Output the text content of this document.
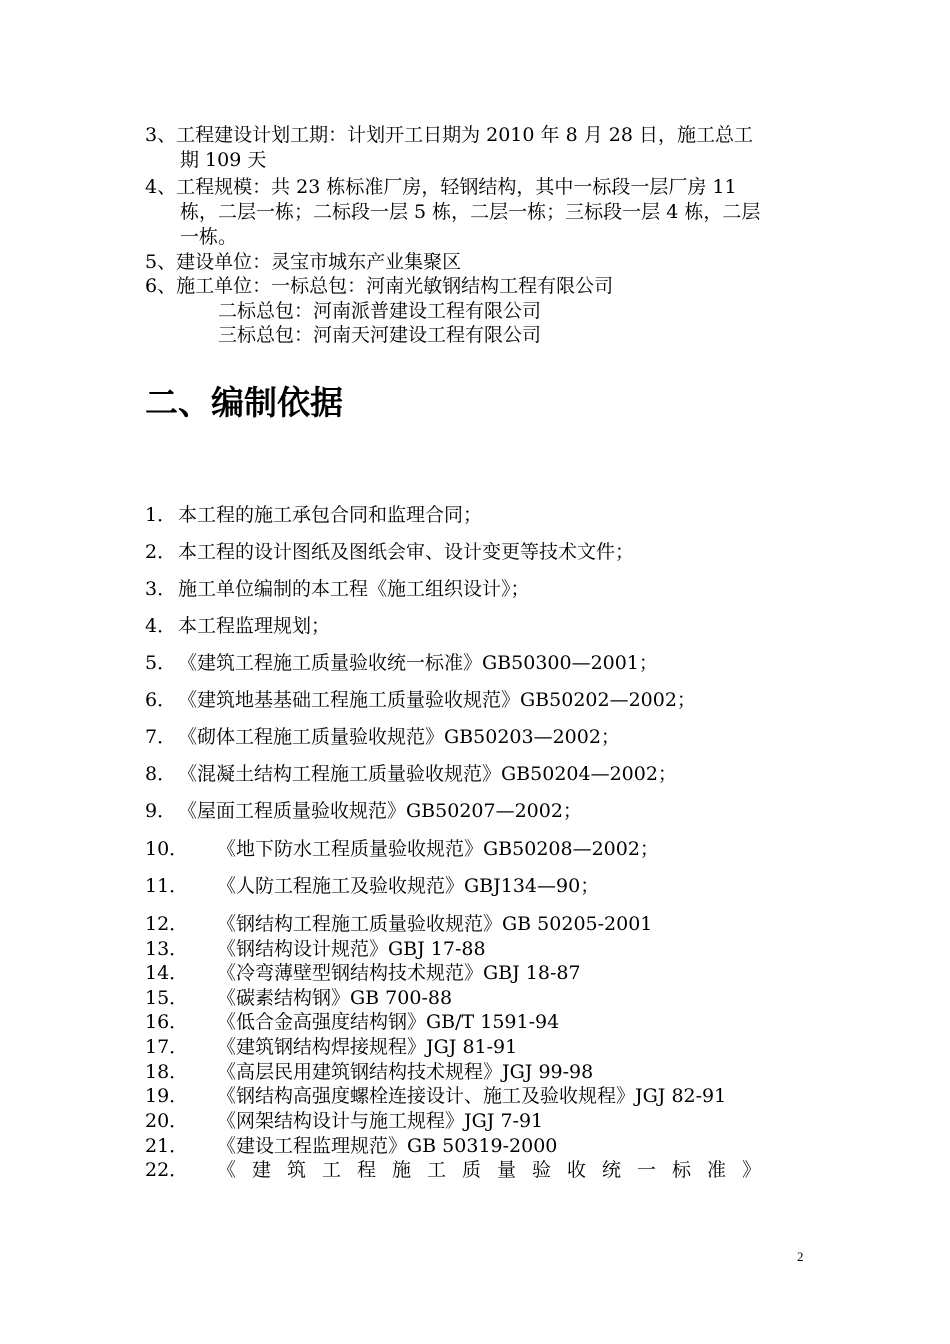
3、工程建设计划工期：计划开工日期为 2010 年 8 月 28 日，施工总工
期 109 天
4、工程规模：共 23 栋标准厂房，轻钢结构，其中一标段一层厂房 11
栋，二层一栋；二标段一层 5 栋，二层一栋；三标段一层 4 栋，二层
一栋。
5、建设单位：灵宝市城东产业集聚区
6、施工单位：一标总包：河南光敏钢结构工程有限公司
二标总包：河南派普建设工程有限公司
三标总包：河南天河建设工程有限公司
二、编制依据
1． 本工程的施工承包合同和监理合同；
2． 本工程的设计图纸及图纸会审、设计变更等技术文件；
3． 施工单位编制的本工程《施工组织设计》；
4． 本工程监理规划；
5． 《建筑工程施工质量验收统一标准》GB50300—2001；
6． 《建筑地基基础工程施工质量验收规范》GB50202—2002；
7． 《砌体工程施工质量验收规范》GB50203—2002；
8． 《混凝土结构工程施工质量验收规范》GB50204—2002；
9． 《屋面工程质量验收规范》GB50207—2002；
10． 《地下防水工程质量验收规范》GB50208—2002；
11． 《人防工程施工及验收规范》GBJ134—90；
12． 《钢结构工程施工质量验收规范》GB 50205-2001
13． 《钢结构设计规范》GBJ 17-88
14． 《冷弯薄壁型钢结构技术规范》GBJ 18-87
15． 《碳素结构钢》GB 700-88
16． 《低合金高强度结构钢》GB/T 1591-94
17． 《建筑钢结构焊接规程》JGJ 81-91
18． 《高层民用建筑钢结构技术规程》JGJ 99-98
19． 《钢结构高强度螺栓连接设计、施工及验收规程》JGJ 82-91
20． 《网架结构设计与施工规程》JGJ 7-91
21． 《建设工程监理规范》GB 50319-2000
22． 《建筑工程施工质量验收统一标准》
2
